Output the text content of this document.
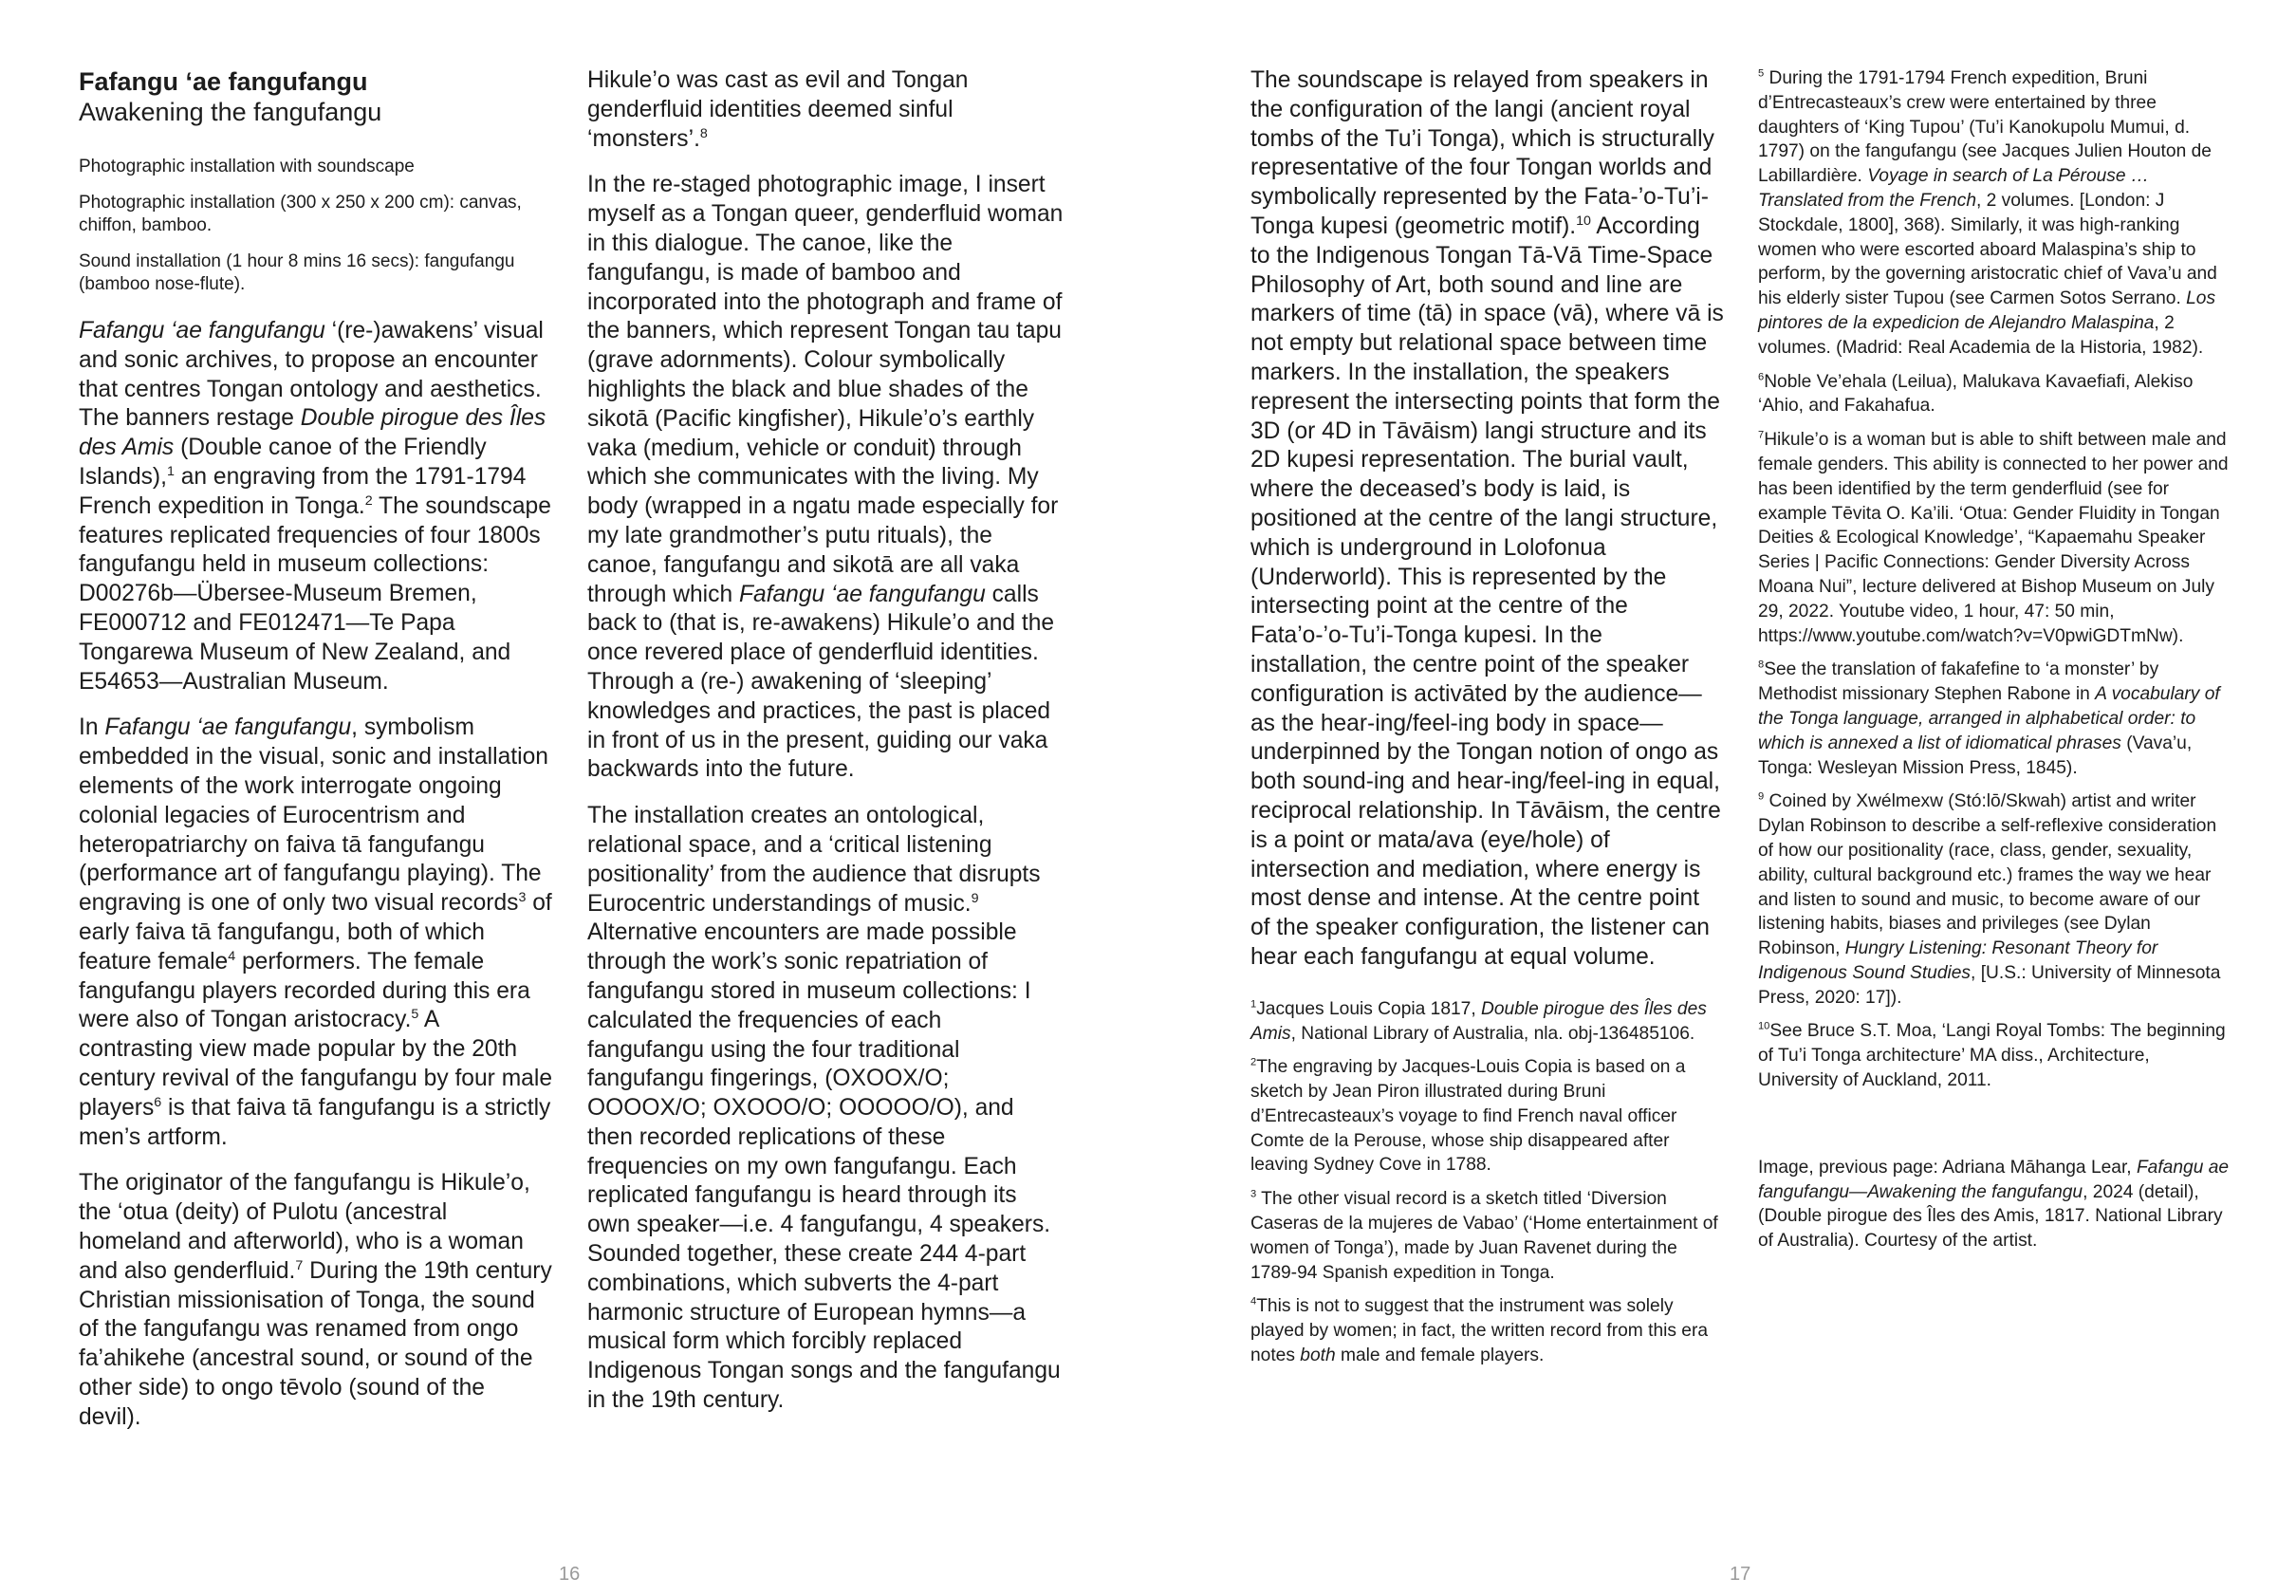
Fafangu ‘ae fangufangu

Awakening the fangufangu

Photographic installation with soundscape

Photographic installation (300 x 250 x 200 cm): canvas, chiffon, bamboo.

Sound installation (1 hour 8 mins 16 secs): fangufangu (bamboo nose-flute).

Fafangu ‘ae fangufangu ‘(re-)awakens’ visual and sonic archives, to propose an encounter that centres Tongan ontology and aesthetics. The banners restage Double pirogue des Îles des Amis (Double canoe of the Friendly Islands),$^1$ an engraving from the 1791-1794 French expedition in Tonga.$^2$ The soundscape features replicated frequencies of four 1800s fangufangu held in museum collections: D00276b—Übersee-Museum Bremen, FE000712 and FE012471—Te Papa Tongarewa Museum of New Zealand, and E54653—Australian Museum.

In Fafangu ‘ae fangufangu, symbolism embedded in the visual, sonic and installation elements of the work interrogate ongoing colonial legacies of Eurocentrism and heteropatriarchy on faiva tā fangufangu (performance art of fangufangu playing). The engraving is one of only two visual records$^3$ of early faiva tā fangufangu, both of which feature female$^4$ performers. The female fangufangu players recorded during this era were also of Tongan aristocracy.$^5$ A contrasting view made popular by the 20th century revival of the fangufangu by four male players$^6$ is that faiva tā fangufangu is a strictly men’s artform.

The originator of the fangufangu is Hikule’o, the ‘otua (deity) of Pulotu (ancestral homeland and afterworld), who is a woman and also genderfluid.$^7$ During the 19th century Christian missionisation of Tonga, the sound of the fangufangu was renamed from ongo fa’ahikehe (ancestral sound, or sound of the other side) to ongo tēvolo (sound of the devil).

Hikule’o was cast as evil and Tongan genderfluid identities deemed sinful ‘monsters’.$^8$

In the re-staged photographic image, I insert myself as a Tongan queer, genderfluid woman in this dialogue. The canoe, like the fangufangu, is made of bamboo and incorporated into the photograph and frame of the banners, which represent Tongan tau tapu (grave adornments). Colour symbolically highlights the black and blue shades of the sikotā (Pacific kingfisher), Hikule’o’s earthly vaka (medium, vehicle or conduit) through which she communicates with the living. My body (wrapped in a ngatu made especially for my late grandmother’s putu rituals), the canoe, fangufangu and sikotā are all vaka through which Fafangu ‘ae fangufangu calls back to (that is, re-awakens) Hikule’o and the once revered place of genderfluid identities. Through a (re-) awakening of ‘sleeping’ knowledges and practices, the past is placed in front of us in the present, guiding our vaka backwards into the future.

The installation creates an ontological, relational space, and a ‘critical listening positionality’ from the audience that disrupts Eurocentric understandings of music.$^9$ Alternative encounters are made possible through the work’s sonic repatriation of fangufangu stored in museum collections: I calculated the frequencies of each fangufangu using the four traditional fangufangu fingerings, (OXOOX/O; OOOOX/O; OXOOO/O; OOOOO/O), and then recorded replications of these frequencies on my own fangufangu. Each replicated fangufangu is heard through its own speaker—i.e. 4 fangufangu, 4 speakers. Sounded together, these create 244 4-part combinations, which subverts the 4-part harmonic structure of European hymns—a musical form which forcibly replaced Indigenous Tongan songs and the fangufangu in the 19th century.

16

The soundscape is relayed from speakers in the configuration of the langi (ancient royal tombs of the Tu’i Tonga), which is structurally representative of the four Tongan worlds and symbolically represented by the Fata-’o-Tu’i-Tonga kupesi (geometric motif).$^{10}$ According to the Indigenous Tongan Tā-Vā Time-Space Philosophy of Art, both sound and line are markers of time (tā) in space (vā), where vā is not empty but relational space between time markers. In the installation, the speakers represent the intersecting points that form the 3D (or 4D in Tāvāism) langi structure and its 2D kupesi representation. The burial vault, where the deceased’s body is laid, is positioned at the centre of the langi structure, which is underground in Lolofonua (Underworld). This is represented by the intersecting point at the centre of the Fata’o-’o-Tu’i-Tonga kupesi. In the installation, the centre point of the speaker configuration is activāted by the audience—as the hear-ing/feel-ing body in space—underpinned by the Tongan notion of ongo as both sound-ing and hear-ing/feel-ing in equal, reciprocal relationship. In Tāvāism, the centre is a point or mata/ava (eye/hole) of intersection and mediation, where energy is most dense and intense. At the centre point of the speaker configuration, the listener can hear each fangufangu at equal volume.

$^1$Jacques Louis Copia 1817, Double pirogue des Îles des Amis, National Library of Australia, nla. obj-136485106.

$^2$The engraving by Jacques-Louis Copia is based on a sketch by Jean Piron illustrated during Bruni d’Entrecasteaux’s voyage to find French naval officer Comte de la Perouse, whose ship disappeared after leaving Sydney Cove in 1788.

$^3$ The other visual record is a sketch titled ‘Diversion Caseras de la mujeres de Vabao’ (‘Home entertainment of women of Tonga’), made by Juan Ravenet during the 1789-94 Spanish expedition in Tonga.

$^4$This is not to suggest that the instrument was solely played by women; in fact, the written record from this era notes both male and female players.

$^5$ During the 1791-1794 French expedition, Bruni d’Entrecasteaux’s crew were entertained by three daughters of ‘King Tupou’ (Tu’i Kanokupolu Mumui, d. 1797) on the fangufangu (see Jacques Julien Houton de Labillardière. Voyage in search of La Pérouse … Translated from the French, 2 volumes. [London: J Stockdale, 1800], 368). Similarly, it was high-ranking women who were escorted aboard Malaspina’s ship to perform, by the governing aristocratic chief of Vava’u and his elderly sister Tupou (see Carmen Sotos Serrano. Los pintores de la expedicion de Alejandro Malaspina, 2 volumes. (Madrid: Real Academia de la Historia, 1982).

$^6$Noble Ve’ehala (Leilua), Malukava Kavaefiafi, Alekiso ‘Ahio, and Fakahafua.

$^7$Hikule’o is a woman but is able to shift between male and female genders. This ability is connected to her power and has been identified by the term genderfluid (see for example Tēvita O. Ka’ili. ‘Otua: Gender Fluidity in Tongan Deities & Ecological Knowledge’, “Kapaemahu Speaker Series | Pacific Connections: Gender Diversity Across Moana Nui”, lecture delivered at Bishop Museum on July 29, 2022. Youtube video, 1 hour, 47: 50 min, https://www.youtube.com/watch?v=V0pwiGDTmNw).

$^8$See the translation of fakafefine to ‘a monster’ by Methodist missionary Stephen Rabone in A vocabulary of the Tonga language, arranged in alphabetical order: to which is annexed a list of idiomatical phrases (Vava’u, Tonga: Wesleyan Mission Press, 1845).

$^9$ Coined by Xwélmexw (Stó:lō/Skwah) artist and writer Dylan Robinson to describe a self-reflexive consideration of how our positionality (race, class, gender, sexuality, ability, cultural background etc.) frames the way we hear and listen to sound and music, to become aware of our listening habits, biases and privileges (see Dylan Robinson, Hungry Listening: Resonant Theory for Indigenous Sound Studies, [U.S.: University of Minnesota Press, 2020: 17]).

$^{10}$See Bruce S.T. Moa, ‘Langi Royal Tombs: The beginning of Tu’i Tonga architecture’ MA diss., Architecture, University of Auckland, 2011.

Image, previous page: Adriana Māhanga Lear, Fafangu ae fangufangu—Awakening the fangufangu, 2024 (detail), (Double pirogue des Îles des Amis, 1817. National Library of Australia). Courtesy of the artist.

17
